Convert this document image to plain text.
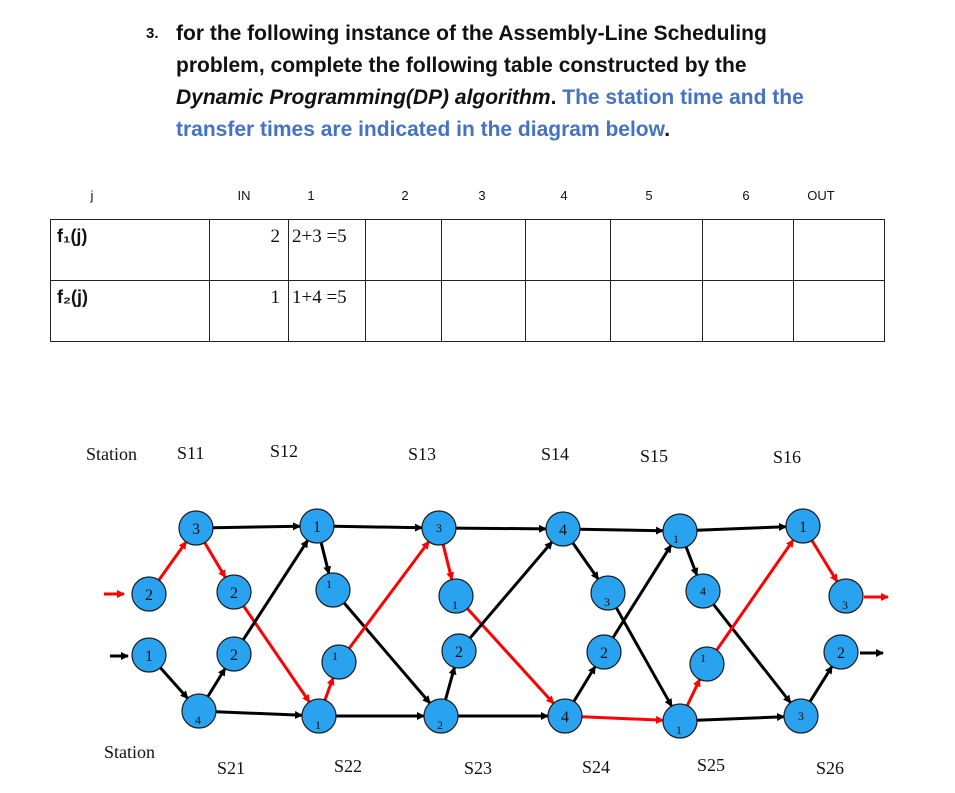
3. for the following instance of the Assembly-Line Scheduling
problem, complete the following table constructed by the
Dynamic Programming(DP) algorithm. The station time and the
transfer times are indicated in the diagram below.
j	IN	1	2	3	4	5	6	OUT
f₁(j)	2	2+3 =5						
f₂(j)	1	1+4 =5						
Station
Station
S11	S12	S13	S14	S15	S16
S21	S22	S23	S24	S25	S26
2
1
3	1	3	4	1
1
4	1	2	4
1
3
2
1
1	3
4
2	1	2	2	1
3
2
